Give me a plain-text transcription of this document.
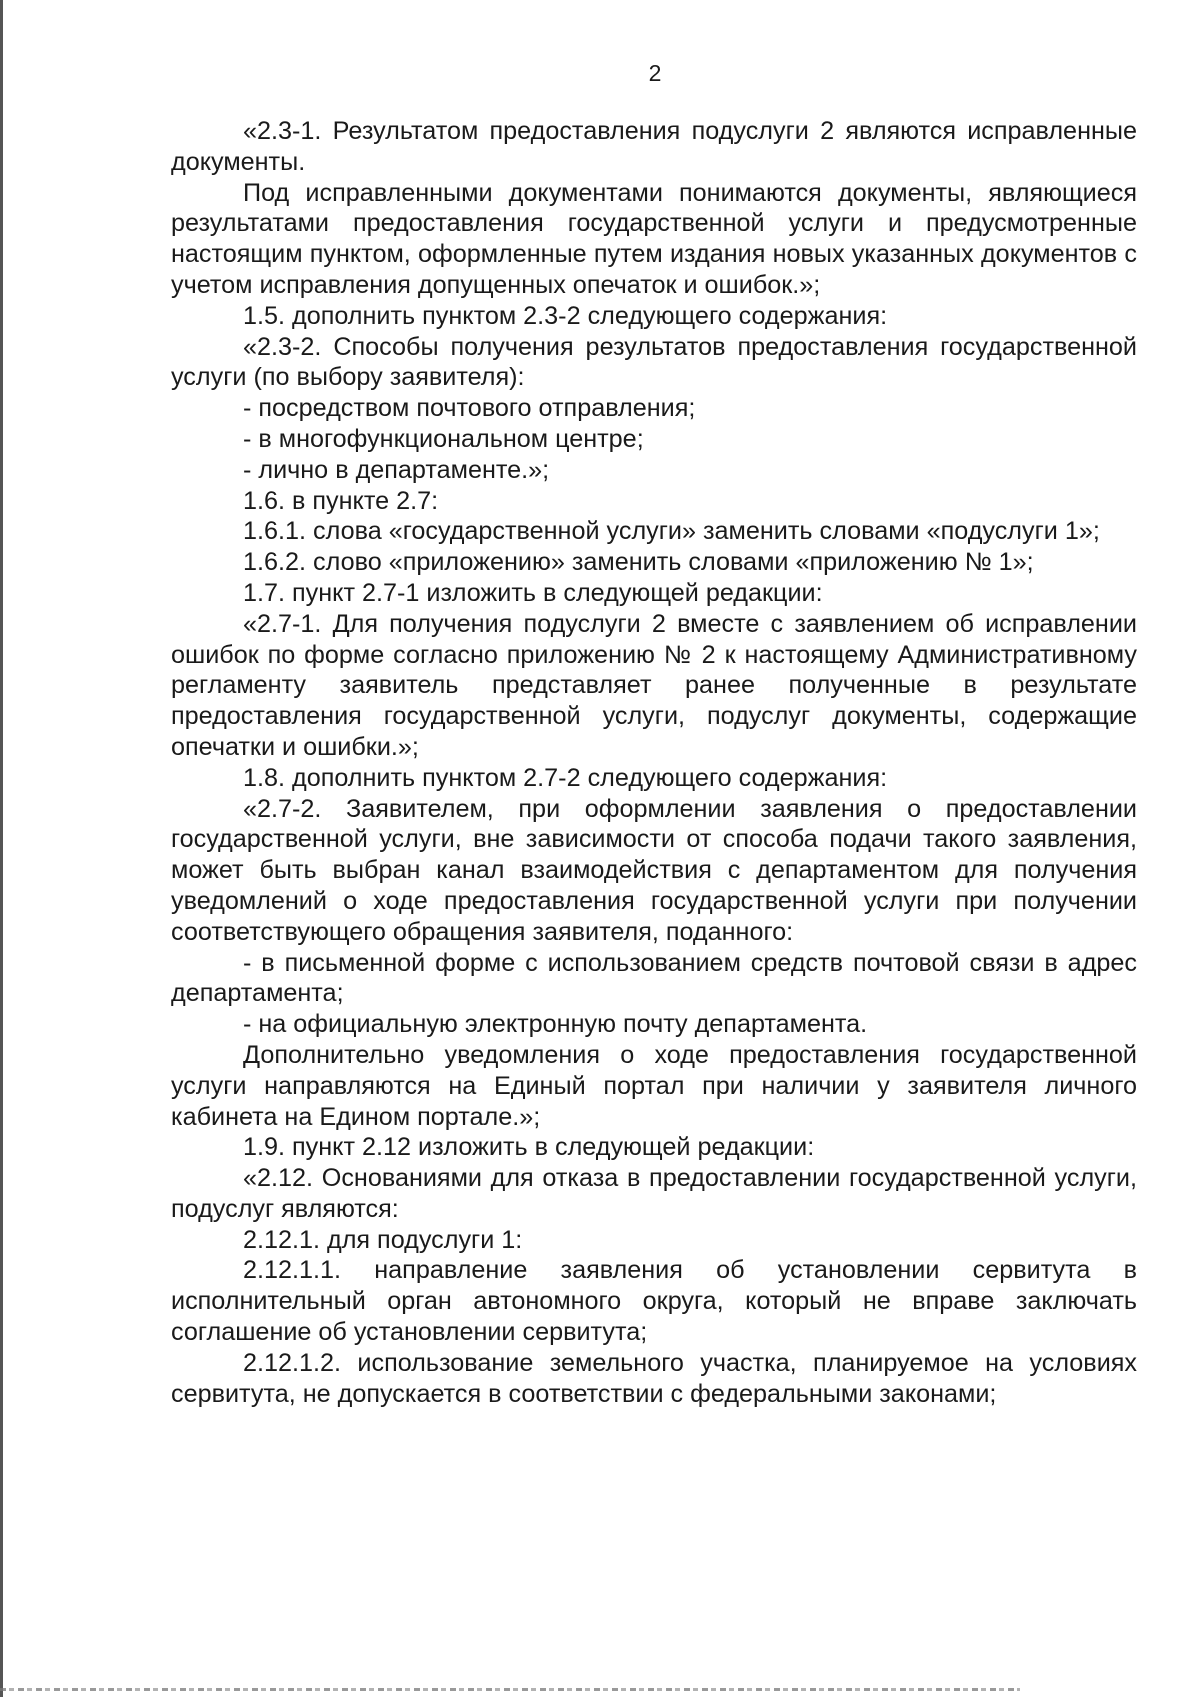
2

«2.3-1. Результатом предоставления подуслуги 2 являются исправленные документы.

Под исправленными документами понимаются документы, являющиеся результатами предоставления государственной услуги и предусмотренные настоящим пунктом, оформленные путем издания новых указанных документов с учетом исправления допущенных опечаток и ошибок.»;

1.5. дополнить пунктом 2.3-2 следующего содержания:

«2.3-2. Способы получения результатов предоставления государственной услуги (по выбору заявителя):

- посредством почтового отправления;

- в многофункциональном центре;

- лично в департаменте.»;

1.6. в пункте 2.7:

1.6.1. слова «государственной услуги» заменить словами «подуслуги 1»;

1.6.2. слово «приложению» заменить словами «приложению № 1»;

1.7. пункт 2.7-1 изложить в следующей редакции:

«2.7-1. Для получения подуслуги 2 вместе с заявлением об исправлении ошибок по форме согласно приложению № 2 к настоящему Административному регламенту заявитель представляет ранее полученные в результате предоставления государственной услуги, подуслуг документы, содержащие опечатки и ошибки.»;

1.8. дополнить пунктом 2.7-2 следующего содержания:

«2.7-2. Заявителем, при оформлении заявления о предоставлении государственной услуги, вне зависимости от способа подачи такого заявления, может быть выбран канал взаимодействия с департаментом для получения уведомлений о ходе предоставления государственной услуги при получении соответствующего обращения заявителя, поданного:

- в письменной форме с использованием средств почтовой связи в адрес департамента;

- на официальную электронную почту департамента.

Дополнительно уведомления о ходе предоставления государственной услуги направляются на Единый портал при наличии у заявителя личного кабинета на Едином портале.»;

1.9. пункт 2.12 изложить в следующей редакции:

«2.12. Основаниями для отказа в предоставлении государственной услуги, подуслуг являются:

2.12.1. для подуслуги 1:

2.12.1.1. направление заявления об установлении сервитута в исполнительный орган автономного округа, который не вправе заключать соглашение об установлении сервитута;

2.12.1.2. использование земельного участка, планируемое на условиях сервитута, не допускается в соответствии с федеральными законами;
